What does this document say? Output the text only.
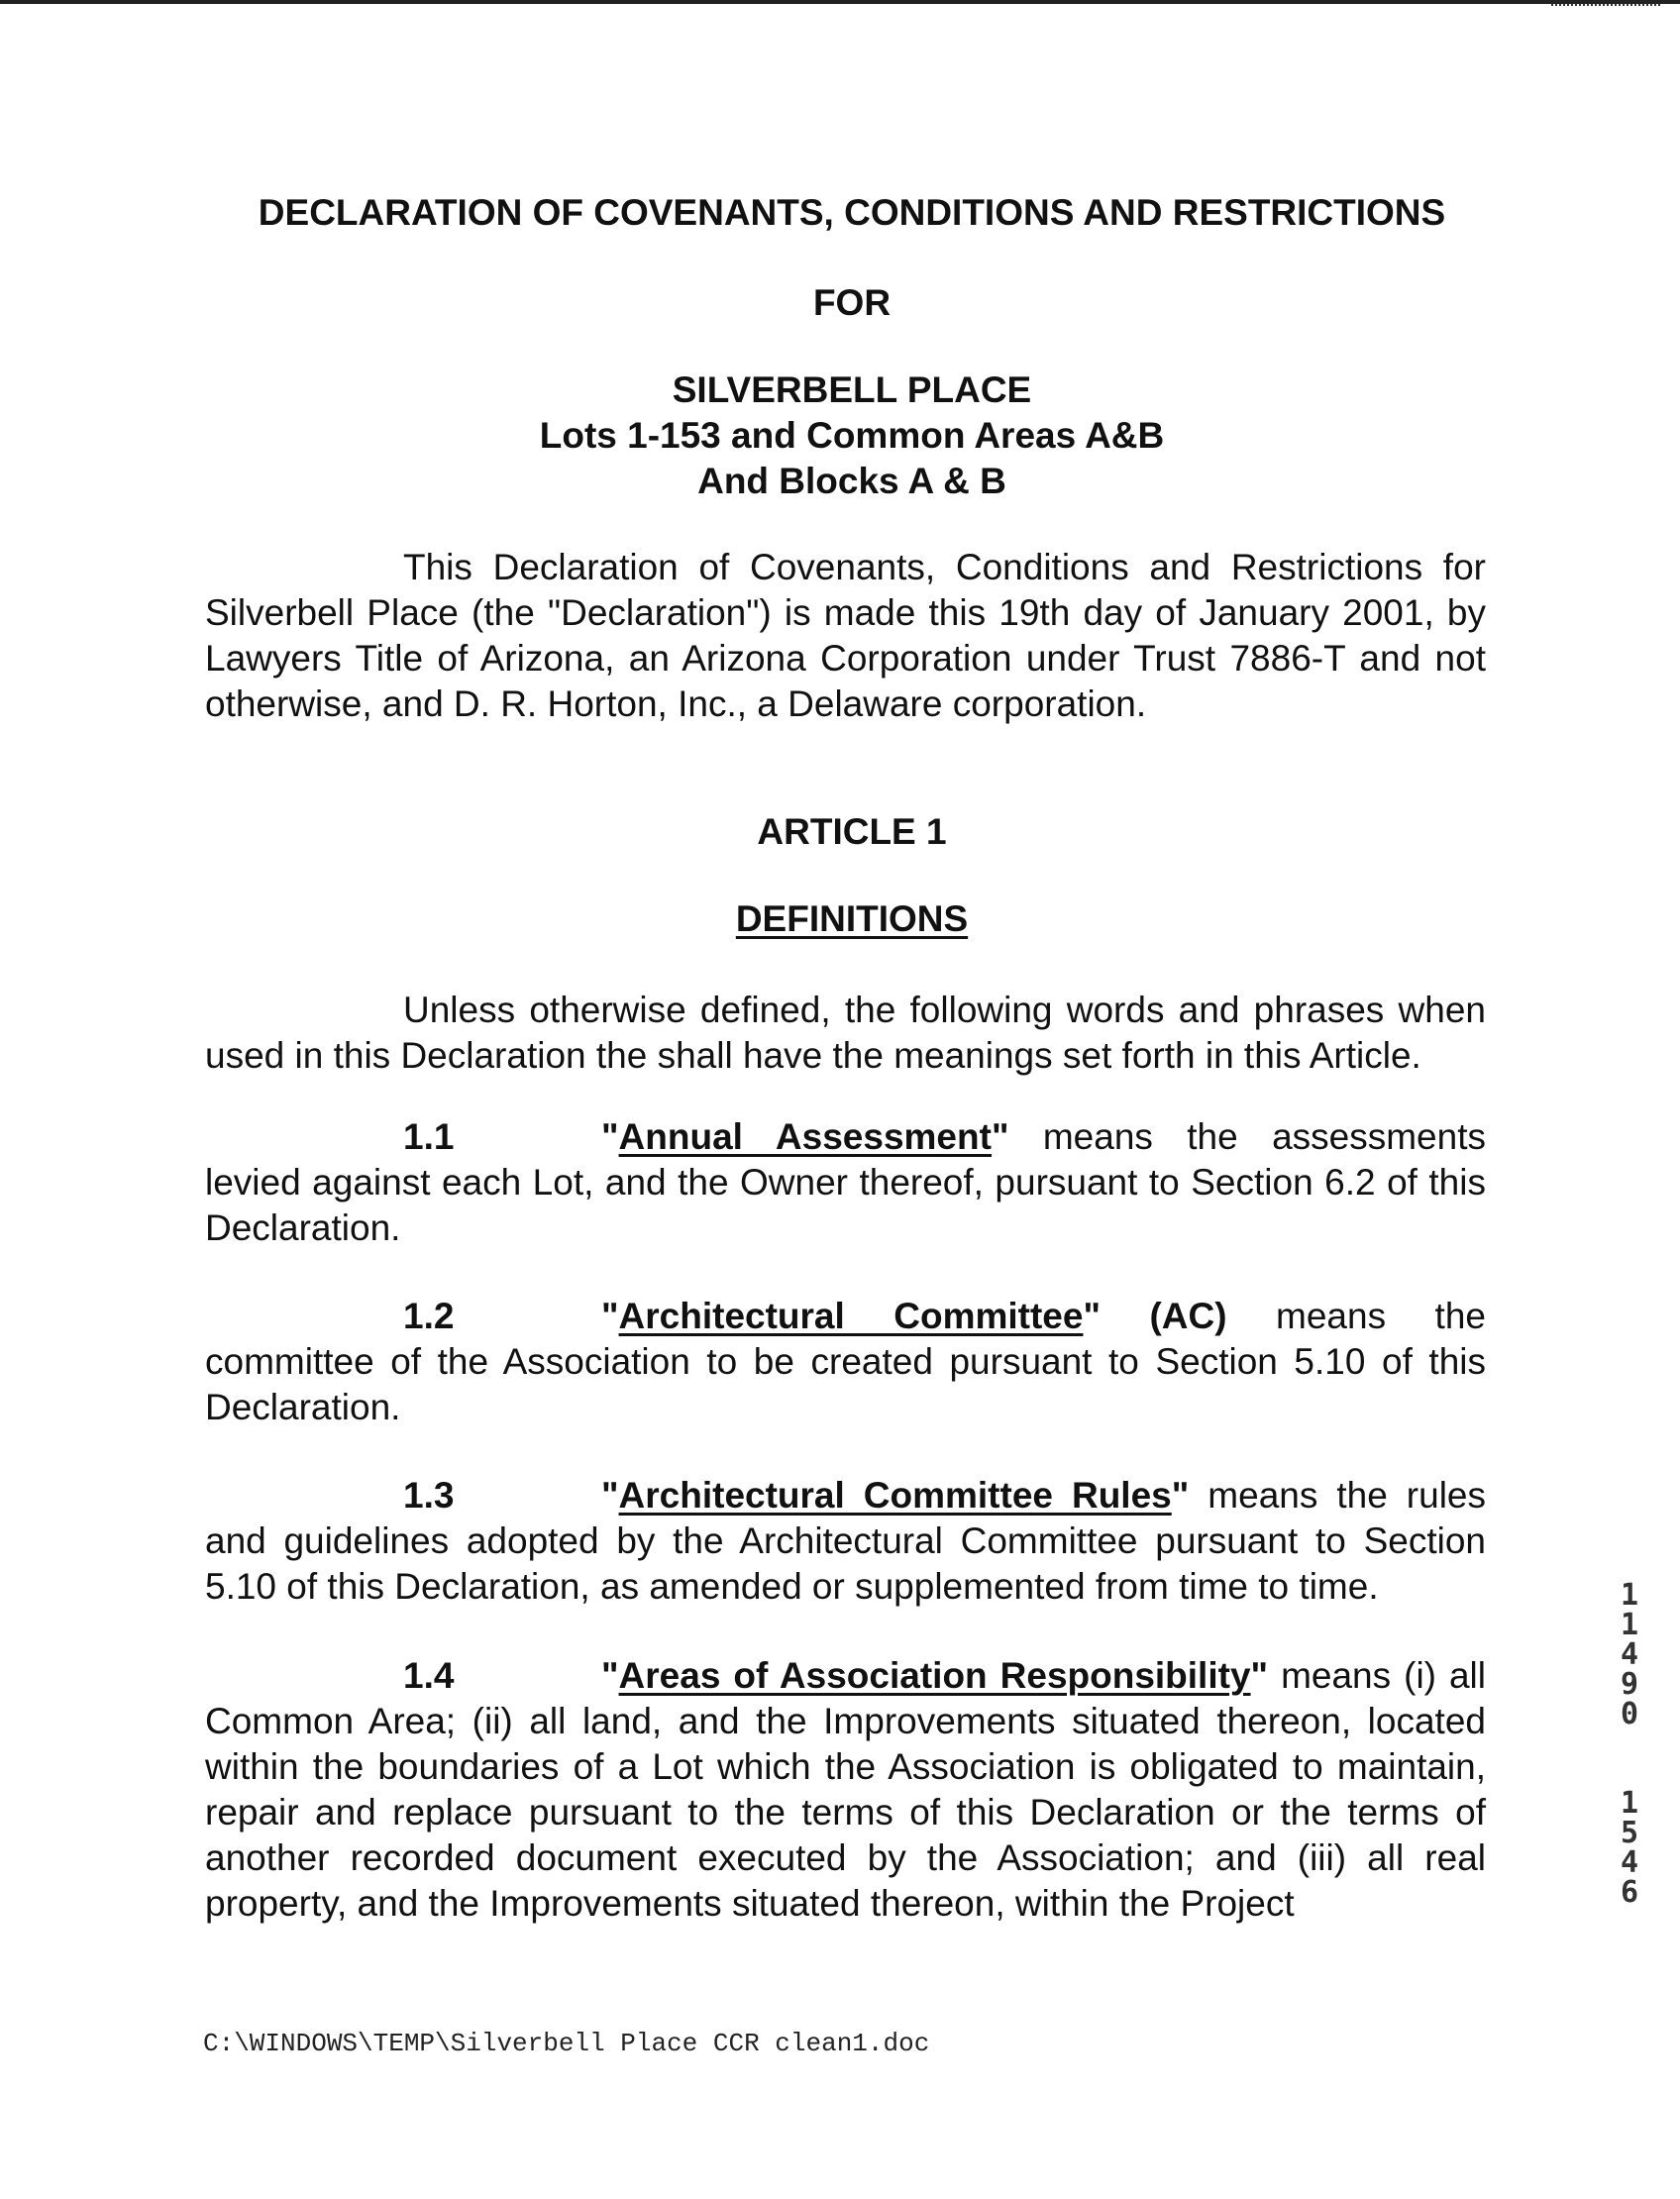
DECLARATION OF COVENANTS, CONDITIONS AND RESTRICTIONS
FOR
SILVERBELL PLACE
Lots 1-153 and Common Areas A&B
And Blocks A & B

This Declaration of Covenants, Conditions and Restrictions for Silverbell Place (the "Declaration") is made this 19th day of January 2001, by Lawyers Title of Arizona, an Arizona Corporation under Trust 7886-T and not otherwise, and D. R. Horton, Inc., a Delaware corporation.

ARTICLE 1
DEFINITIONS

Unless otherwise defined, the following words and phrases when used in this Declaration the shall have the meanings set forth in this Article.

1.1	"Annual Assessment" means the assessments levied against each Lot, and the Owner thereof, pursuant to Section 6.2 of this Declaration.

1.2	"Architectural Committee" (AC) means the committee of the Association to be created pursuant to Section 5.10 of this Declaration.

1.3	"Architectural Committee Rules" means the rules and guidelines adopted by the Architectural Committee pursuant to Section 5.10 of this Declaration, as amended or supplemented from time to time.

1.4	"Areas of Association Responsibility" means (i) all Common Area; (ii) all land, and the Improvements situated thereon, located within the boundaries of a Lot which the Association is obligated to maintain, repair and replace pursuant to the terms of this Declaration or the terms of another recorded document executed by the Association; and (iii) all real property, and the Improvements situated thereon, within the Project

1
1
4
9
0
1
5
4
6

C:\WINDOWS\TEMP\Silverbell Place CCR clean1.doc
